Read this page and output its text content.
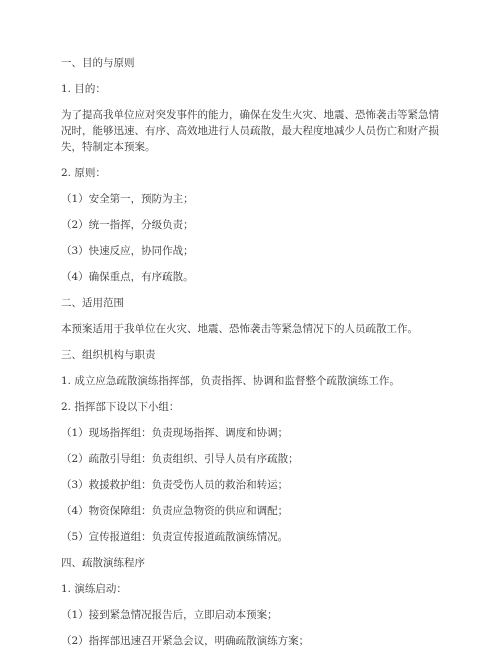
一、目的与原则

1. 目的：

为了提高我单位应对突发事件的能力，确保在发生火灾、地震、恐怖袭击等紧急情况时，能够迅速、有序、高效地进行人员疏散，最大程度地减少人员伤亡和财产损失，特制定本预案。

2. 原则：

（1）安全第一，预防为主；

（2）统一指挥，分级负责；

（3）快速反应，协同作战；

（4）确保重点，有序疏散。

二、适用范围

本预案适用于我单位在火灾、地震、恐怖袭击等紧急情况下的人员疏散工作。

三、组织机构与职责

1. 成立应急疏散演练指挥部，负责指挥、协调和监督整个疏散演练工作。

2. 指挥部下设以下小组：

（1）现场指挥组：负责现场指挥、调度和协调；

（2）疏散引导组：负责组织、引导人员有序疏散；

（3）救援救护组：负责受伤人员的救治和转运；

（4）物资保障组：负责应急物资的供应和调配；

（5）宣传报道组：负责宣传报道疏散演练情况。

四、疏散演练程序

1. 演练启动：

（1）接到紧急情况报告后，立即启动本预案；

（2）指挥部迅速召开紧急会议，明确疏散演练方案；
